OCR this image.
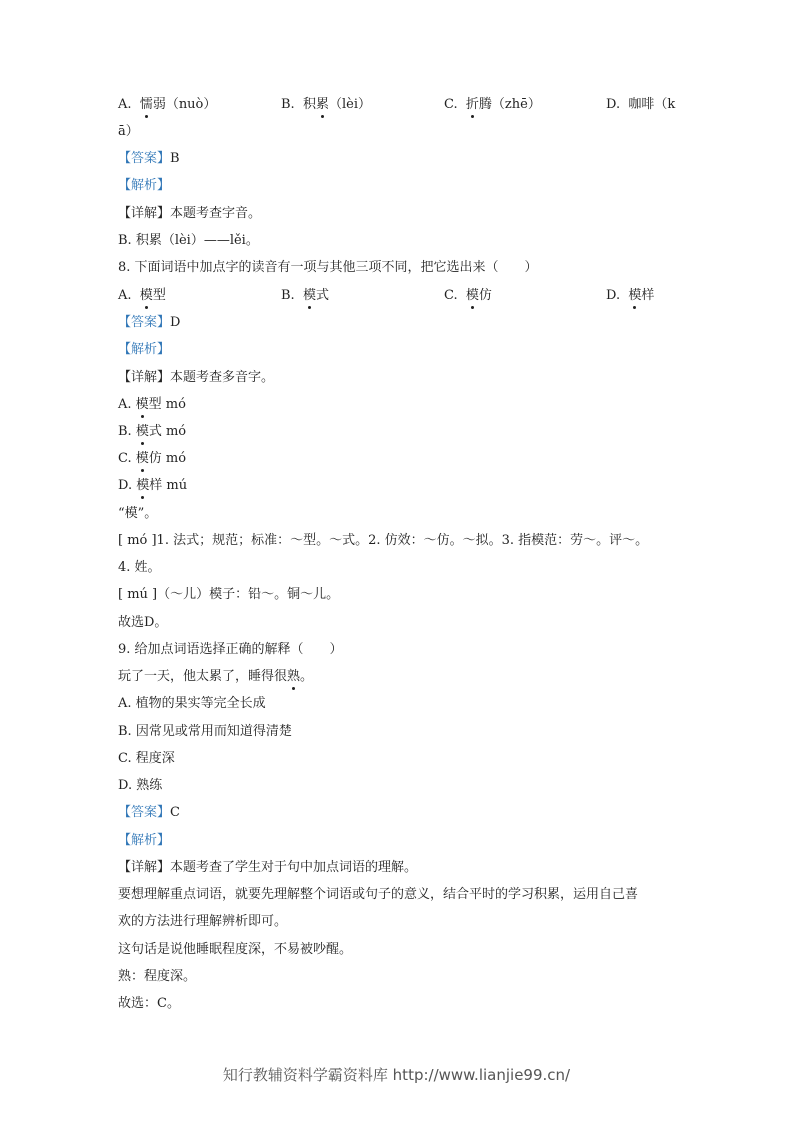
A. 懦弱（nuò）	B. 积累（lèi）	C. 折腾（zhē）	D. 咖啡（k
ā）
【答案】B
【解析】
【详解】本题考查字音。
B. 积累（lèi）——lěi。
8. 下面词语中加点字的读音有一项与其他三项不同，把它选出来（　　）
A. 模型	B. 模式	C. 模仿	D. 模样
【答案】D
【解析】
【详解】本题考查多音字。
A. 模型 mó
B. 模式 mó
C. 模仿 mó
D. 模样 mú
“模”。
[ mó ]1. 法式；规范；标准：～型。～式。2. 仿效：～仿。～拟。3. 指模范：劳～。评～。
4. 姓。
[ mú ]（～儿）模子：铅～。铜～儿。
故选D。
9. 给加点词语选择正确的解释（　　）
玩了一天，他太累了，睡得很熟。
A. 植物的果实等完全长成
B. 因常见或常用而知道得清楚
C. 程度深
D. 熟练
【答案】C
【解析】
【详解】本题考查了学生对于句中加点词语的理解。
要想理解重点词语，就要先理解整个词语或句子的意义，结合平时的学习积累，运用自己喜
欢的方法进行理解辨析即可。
这句话是说他睡眠程度深，不易被吵醒。
熟：程度深。
故选：C。
知行教辅资料学霸资料库 http://www.lianjie99.cn/
